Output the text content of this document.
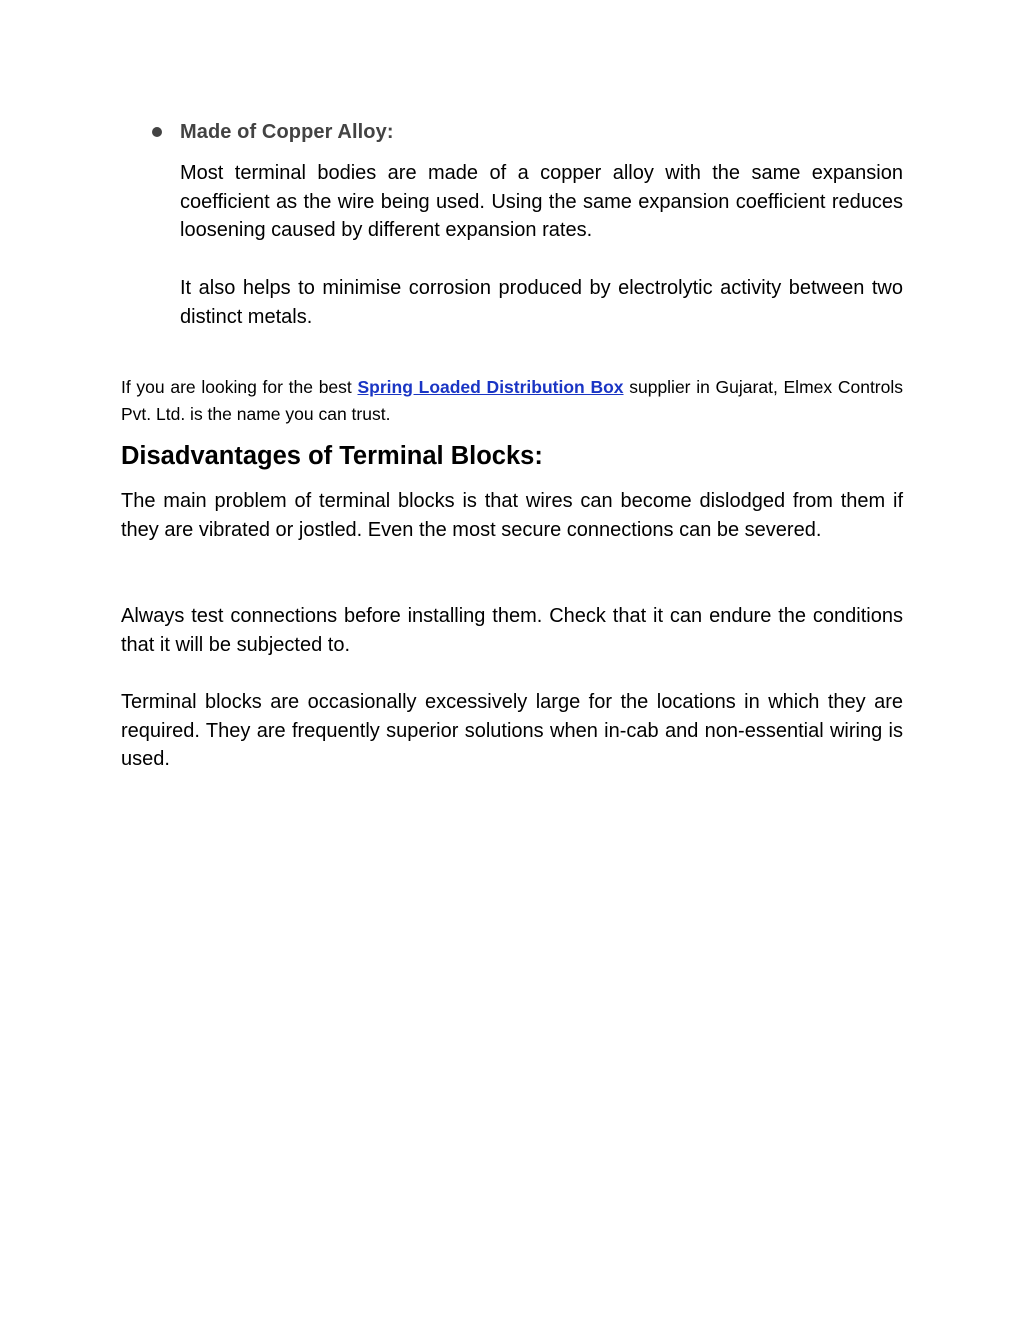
Made of Copper Alloy:

Most terminal bodies are made of a copper alloy with the same expansion coefficient as the wire being used. Using the same expansion coefficient reduces loosening caused by different expansion rates.

It also helps to minimise corrosion produced by electrolytic activity between two distinct metals.

If you are looking for the best Spring Loaded Distribution Box supplier in Gujarat, Elmex Controls Pvt. Ltd. is the name you can trust.

Disadvantages of Terminal Blocks:

The main problem of terminal blocks is that wires can become dislodged from them if they are vibrated or jostled. Even the most secure connections can be severed.

Always test connections before installing them. Check that it can endure the conditions that it will be subjected to.

Terminal blocks are occasionally excessively large for the locations in which they are required. They are frequently superior solutions when in-cab and non-essential wiring is used.
